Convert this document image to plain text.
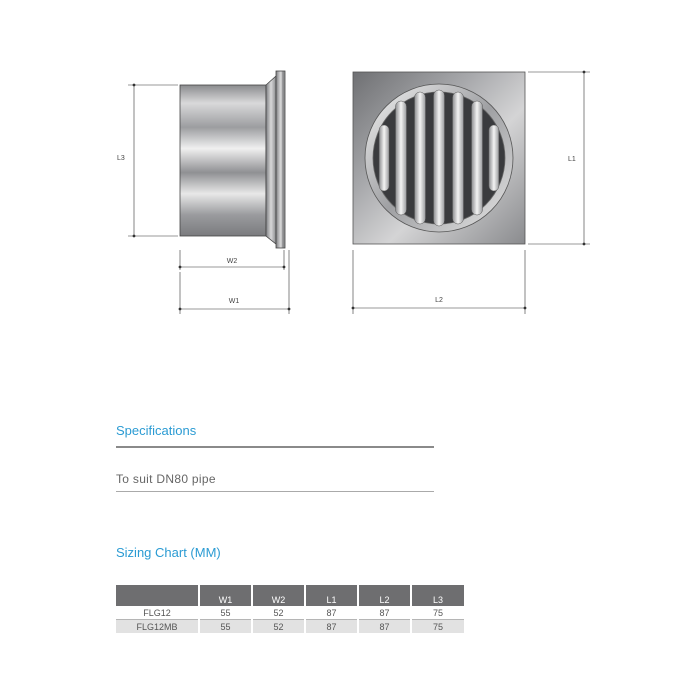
L3
W2
W1
L1
L2
Specifications
To suit DN80 pipe
Sizing Chart (MM)
	W1	W2	L1	L2	L3
FLG12	55	52	87	87	75
FLG12MB	55	52	87	87	75
